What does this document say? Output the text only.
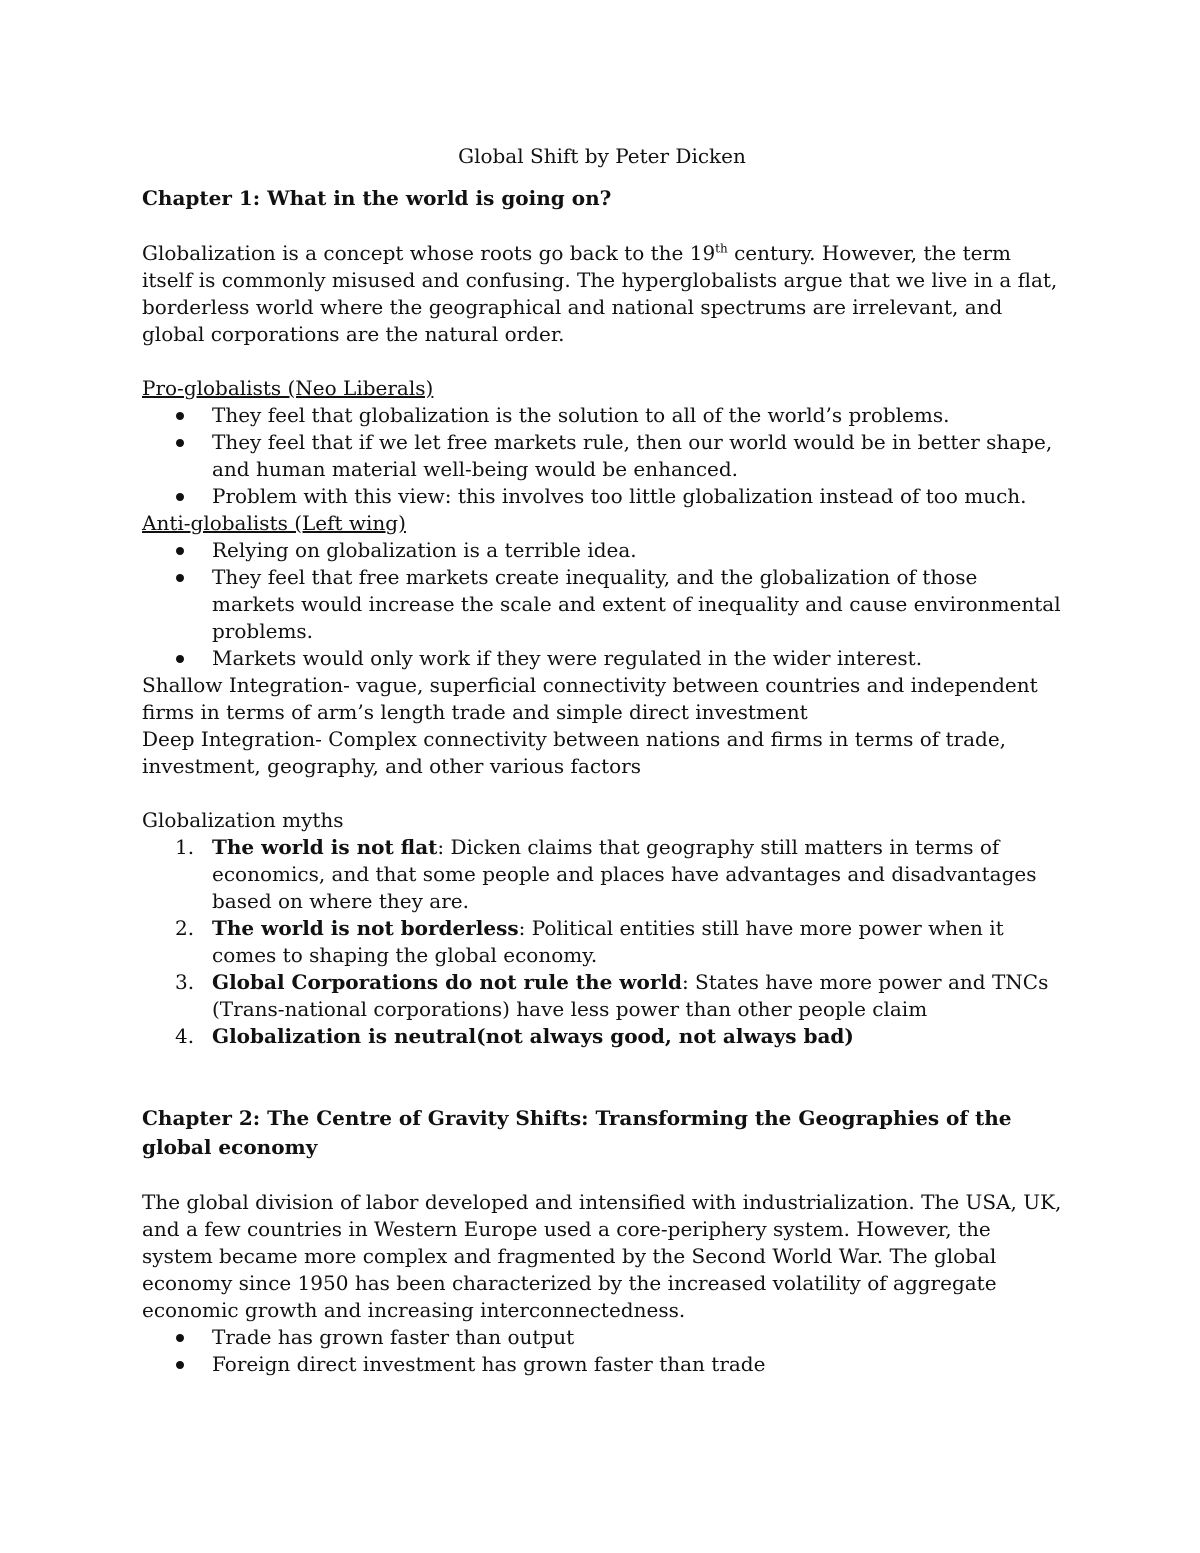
Global Shift by Peter Dicken

Chapter 1: What in the world is going on?

Globalization is a concept whose roots go back to the 19th century. However, the term itself is commonly misused and confusing. The hyperglobalists argue that we live in a flat, borderless world where the geographical and national spectrums are irrelevant, and global corporations are the natural order.

Pro-globalists (Neo Liberals)

They feel that globalization is the solution to all of the world’s problems.
They feel that if we let free markets rule, then our world would be in better shape, and human material well-being would be enhanced.
Problem with this view: this involves too little globalization instead of too much.

Anti-globalists (Left wing)

Relying on globalization is a terrible idea.
They feel that free markets create inequality, and the globalization of those markets would increase the scale and extent of inequality and cause environmental problems.
Markets would only work if they were regulated in the wider interest.

Shallow Integration- vague, superficial connectivity between countries and independent firms in terms of arm’s length trade and simple direct investment

Deep Integration- Complex connectivity between nations and firms in terms of trade, investment, geography, and other various factors

Globalization myths

1. The world is not flat: Dicken claims that geography still matters in terms of economics, and that some people and places have advantages and disadvantages based on where they are.
2. The world is not borderless: Political entities still have more power when it comes to shaping the global economy.
3. Global Corporations do not rule the world: States have more power and TNCs (Trans-national corporations) have less power than other people claim
4. Globalization is neutral(not always good, not always bad)
Chapter 2: The Centre of Gravity Shifts: Transforming the Geographies of the global economy

The global division of labor developed and intensified with industrialization. The USA, UK, and a few countries in Western Europe used a core-periphery system. However, the system became more complex and fragmented by the Second World War. The global economy since 1950 has been characterized by the increased volatility of aggregate economic growth and increasing interconnectedness.

Trade has grown faster than output
Foreign direct investment has grown faster than trade
